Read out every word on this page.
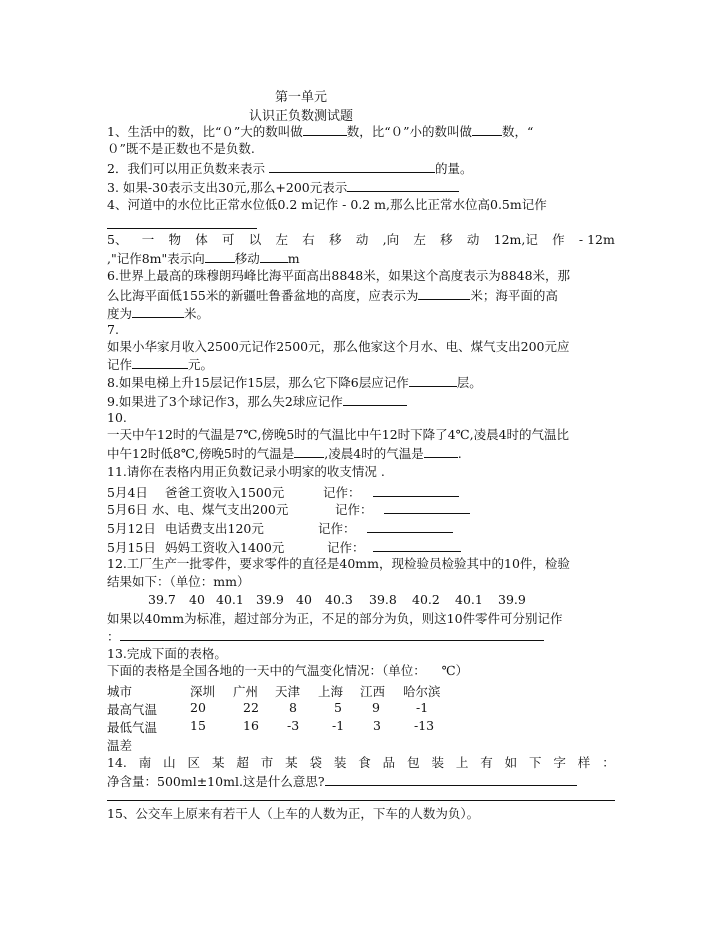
第一单元
认识正负数测试题
1、生活中的数，比“０”大的数叫做	数，比“０”小的数叫做 数，“
０”既不是正数也不是负数.
2．我们可以用正负数来表示	的量。
3. 如果-30表示支出30元,那么+200元表示
4、河道中的水位比正常水位低0.2 m记作 - 0.2 m,那么比正常水位高0.5m记作
5、 一 物 体 可 以 左 右 移 动 ,向 左 移 动 12m,记 作 - 12m
,"记作8m"表示向 移动 m
6.世界上最高的珠穆朗玛峰比海平面高出8848米，如果这个高度表示为8848米，那
么比海平面低155米的新疆吐鲁番盆地的高度，应表示为	米；海平面的高
度为	米。
7.
如果小华家月收入2500元记作2500元，那么他家这个月水、电、煤气支出200元应
记作	元。
8.如果电梯上升15层记作15层，那么它下降6层应记作	层。
9.如果进了3个球记作3，那么失2球应记作
10.
一天中午12时的气温是7℃,傍晚5时的气温比中午12时下降了4℃,凌晨4时的气温比
中午12时低8℃,傍晚5时的气温是 ,凌晨4时的气温是	.
11.请你在表格内用正负数记录小明家的收支情况 .
5月4日 爸爸工资收入1500元	记作：
5月6日 水、电、煤气支出200元	记作：
5月12日 电话费支出120元	记作：
5月15日 妈妈工资收入1400元	记作：
12.工厂生产一批零件，要求零件的直径是40mm，现检验员检验其中的10件，检验
结果如下：（单位：mm）
39.7 40 40.1 39.9 40 40.3 39.8 40.2 40.1 39.9
如果以40mm为标准，超过部分为正，不足的部分为负，则这10件零件可分别记作
：
13.完成下面的表格。
下面的表格是全国各地的一天中的气温变化情况：（单位： ℃）
城市	深圳 广州 天津 上海 江西 哈尔滨
最高气温	20	22 8	5 9	-1
最低气温	15	16 -3	-1 3	-13
温差
14. 南 山 区 某 超 市 某 袋 装 食 品 包 装 上 有 如 下 字 样 ：
净含量：500ml±10ml.这是什么意思?
15、公交车上原来有若干人（上车的人数为正，下车的人数为负）。
